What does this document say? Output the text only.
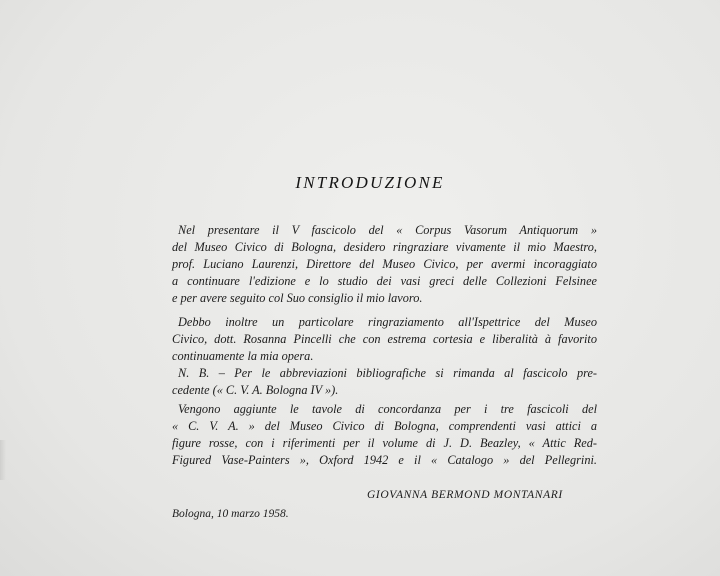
INTRODUZIONE
Nel presentare il V fascicolo del « Corpus Vasorum Antiquorum »
del Museo Civico di Bologna, desidero ringraziare vivamente il mio Maestro,
prof. Luciano Laurenzi, Direttore del Museo Civico, per avermi incoraggiato
a continuare l'edizione e lo studio dei vasi greci delle Collezioni Felsinee
e per avere seguito col Suo consiglio il mio lavoro.
Debbo inoltre un particolare ringraziamento all'Ispettrice del Museo
Civico, dott. Rosanna Pincelli che con estrema cortesia e liberalità à favorito
continuamente la mia opera.
N. B. – Per le abbreviazioni bibliografiche si rimanda al fascicolo pre-
cedente (« C. V. A. Bologna IV »).
Vengono aggiunte le tavole di concordanza per i tre fascicoli del
« C. V. A. » del Museo Civico di Bologna, comprendenti vasi attici a
figure rosse, con i riferimenti per il volume di J. D. Beazley, « Attic Red-
Figured Vase-Painters », Oxford 1942 e il « Catalogo » del Pellegrini.
GIOVANNA BERMOND MONTANARI
Bologna, 10 marzo 1958.
